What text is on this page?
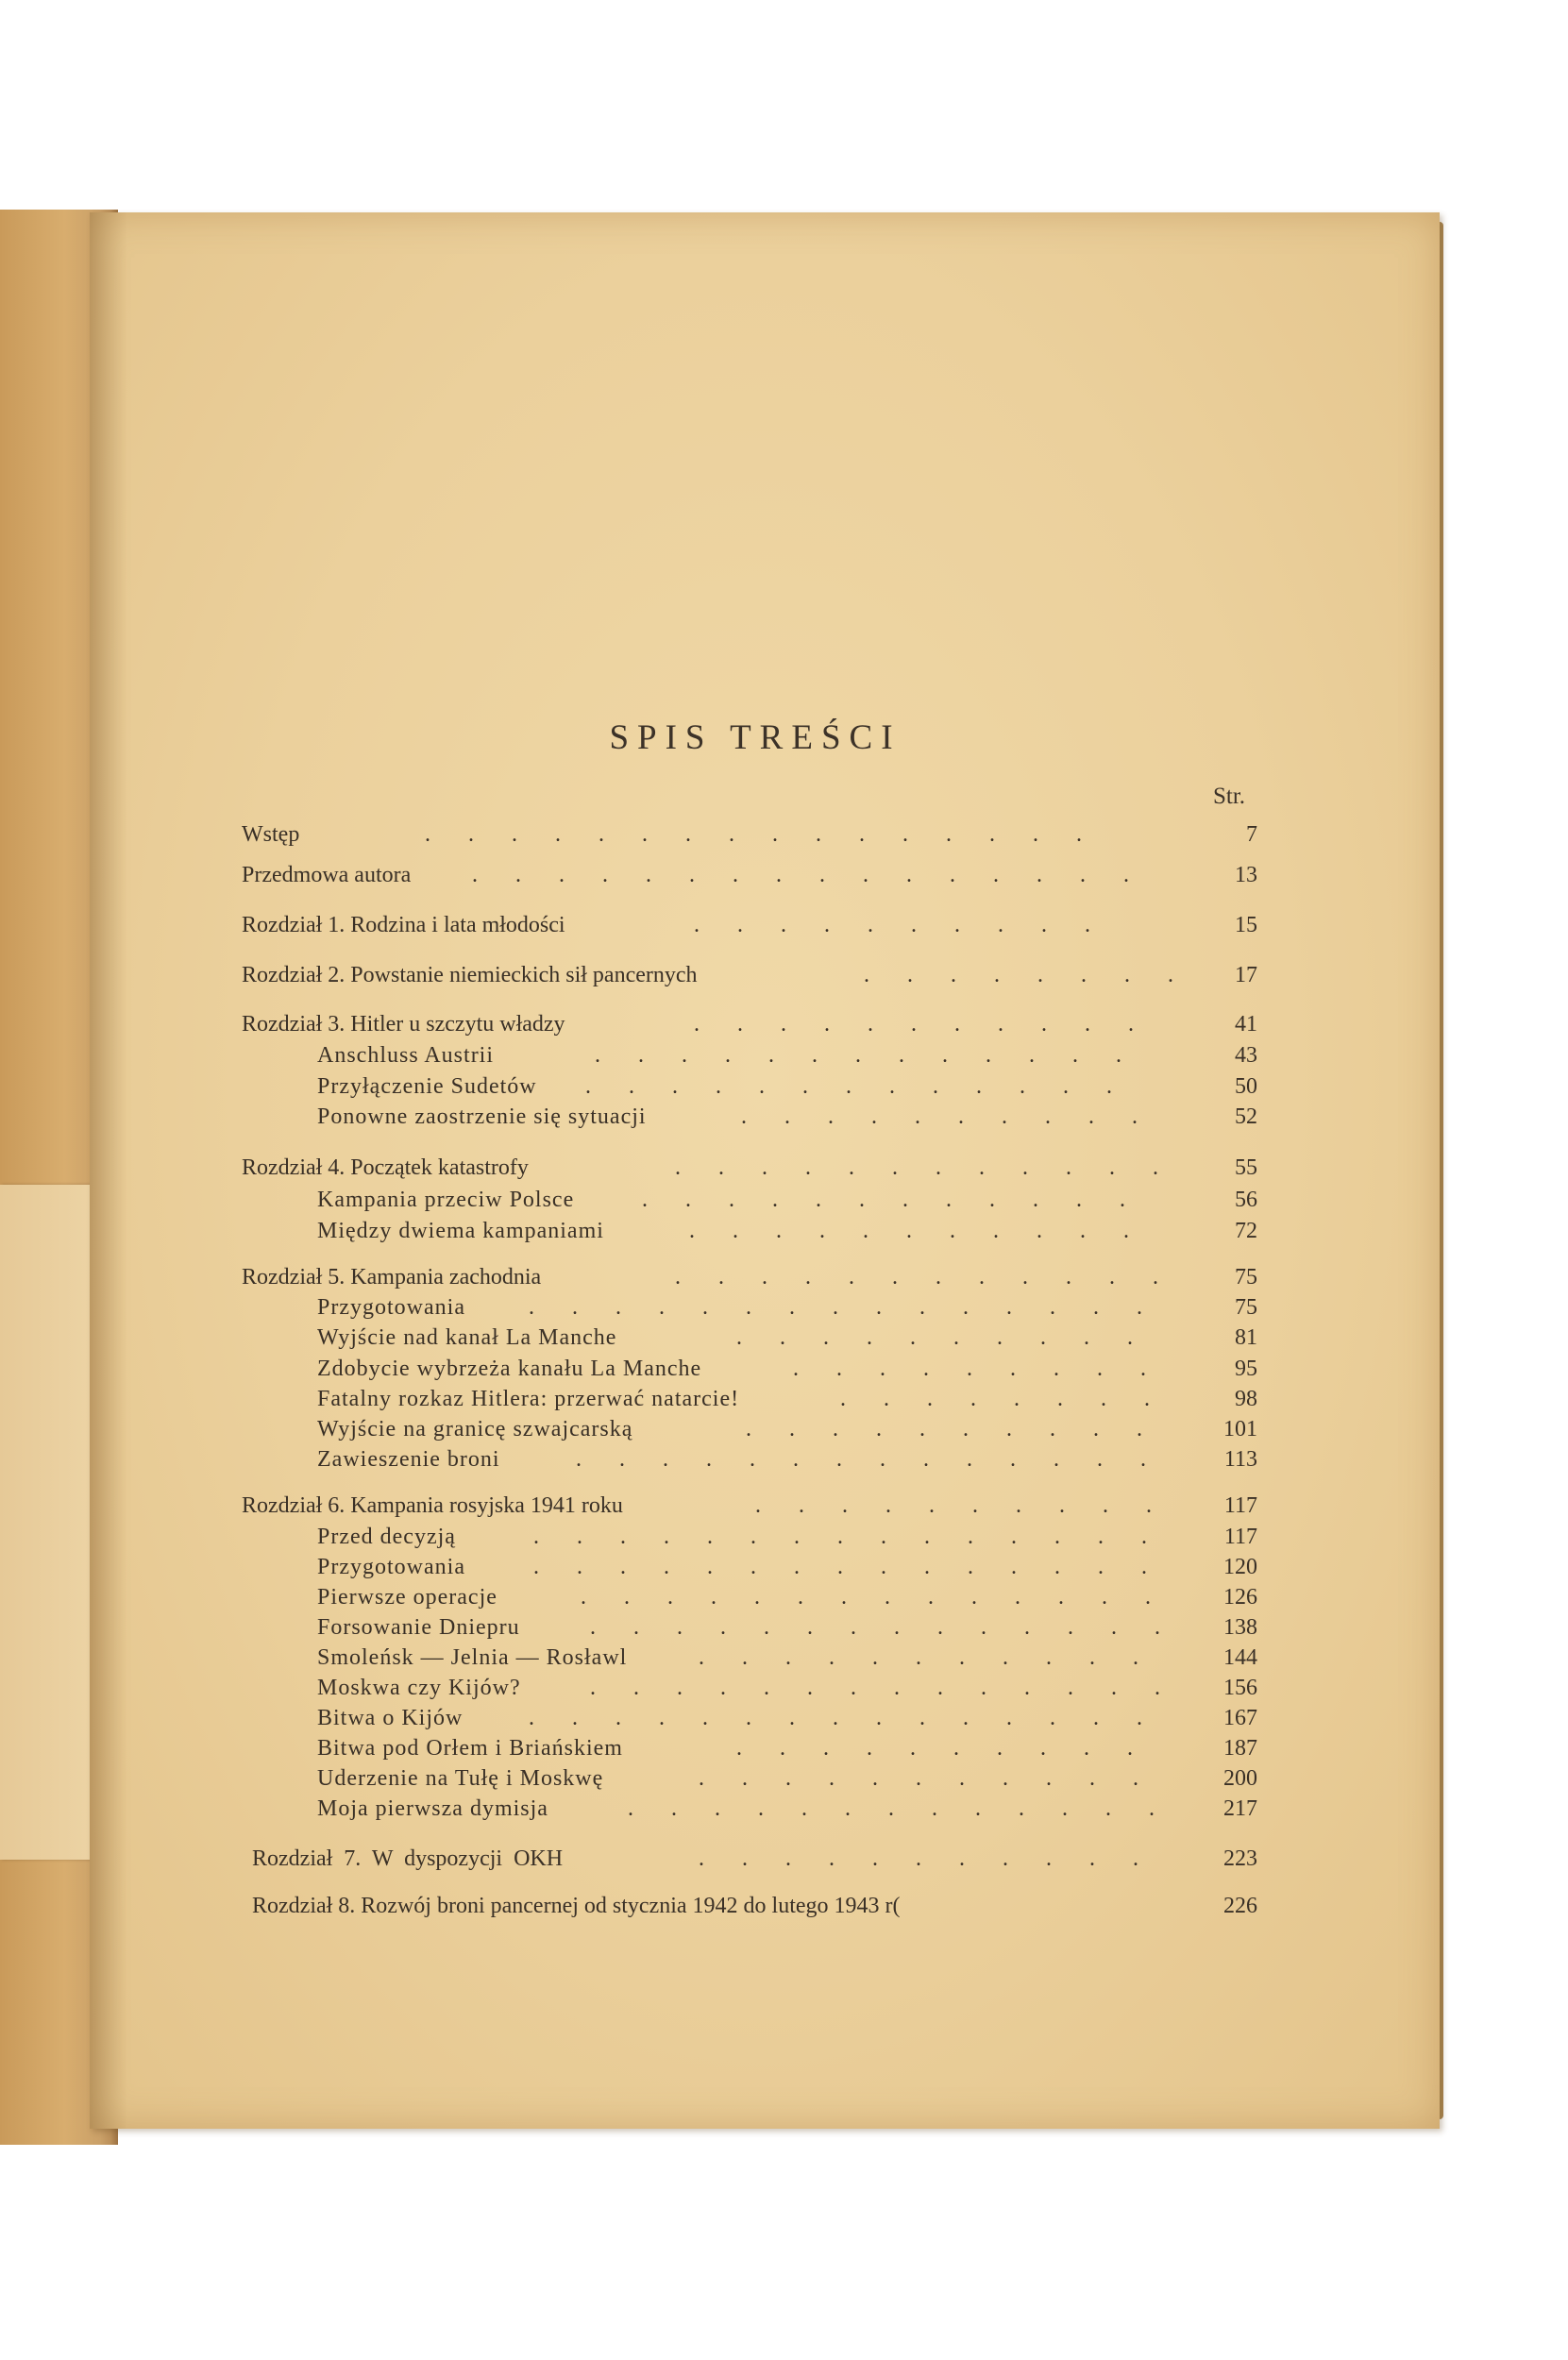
SPIS TREŚCI
Str.
Wstęp	. . . . . . . . . . . . . . . .	7
Przedmowa autora	. . . . . . . . . . . . . . . .	13
Rozdział 1. Rodzina i lata młodości	. . . . . . . . . .	15
Rozdział 2. Powstanie niemieckich sił pancernych	. . . . . . . .	17
Rozdział 3. Hitler u szczytu władzy	. . . . . . . . . . .	41
Anschluss Austrii	. . . . . . . . . . . . .	43
Przyłączenie Sudetów . . . . . . . . . . . . .	50
Ponowne zaostrzenie się sytuacji	. . . . . . . . . .	52
Rozdział 4. Początek katastrofy	. . . . . . . . . . . .	55
Kampania przeciw Polsce	. . . . . . . . . . . .	56
Między dwiema kampaniami	. . . . . . . . . . .	72
Rozdział 5. Kampania zachodnia	. . . . . . . . . . . .	75
Przygotowania	. . . . . . . . . . . . . . .	75
Wyjście nad kanał La Manche	. . . . . . . . . .	81
Zdobycie wybrzeża kanału La Manche	. . . . . . . . .	95
Fatalny rozkaz Hitlera: przerwać natarcie!	. . . . . . . .	98
Wyjście na granicę szwajcarską	. . . . . . . . . .	101
Zawieszenie broni	. . . . . . . . . . . . . .	113
Rozdział 6. Kampania rosyjska 1941 roku	. . . . . . . . . .	117
Przed decyzją	. . . . . . . . . . . . . . .	117
Przygotowania	. . . . . . . . . . . . . . .	120
Pierwsze operacje	. . . . . . . . . . . . . .	126
Forsowanie Dniepru	. . . . . . . . . . . . . .	138
Smoleńsk — Jelnia — Rosławl	. . . . . . . . . . .	144
Moskwa czy Kijów?	. . . . . . . . . . . . . .	156
Bitwa o Kijów	. . . . . . . . . . . . . . .	167
Bitwa pod Orłem i Briańskiem	. . . . . . . . . .	187
Uderzenie na Tułę i Moskwę	. . . . . . . . . . .	200
Moja pierwsza dymisja	. . . . . . . . . . . . .	217
Rozdział 7. W dyspozycji OKH	. . . . . . . . . . .	223
Rozdział 8. Rozwój broni pancernej od stycznia 1942 do lutego 1943 r(	226
